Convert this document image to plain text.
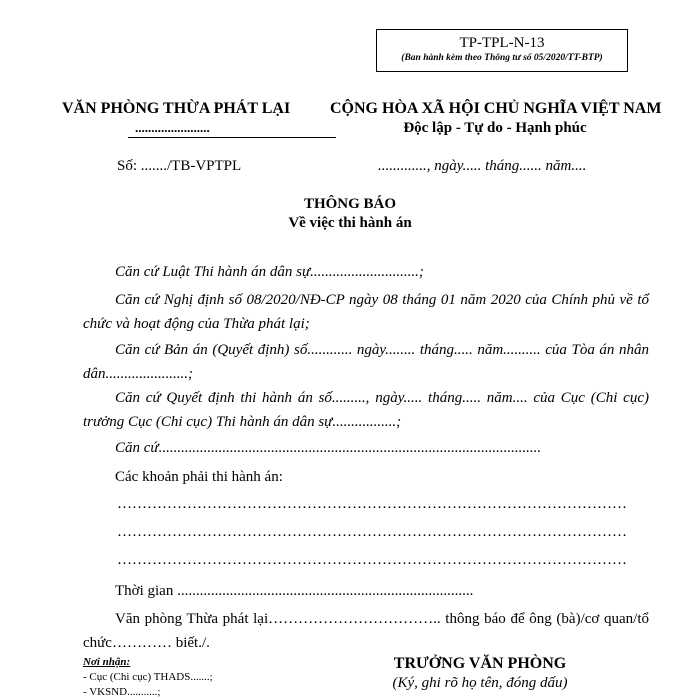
TP-TPL-N-13
(Ban hành kèm theo Thông tư số 05/2020/TT-BTP)
VĂN PHÒNG THỪA PHÁT LẠI
.......................
CỘNG HÒA XÃ HỘI CHỦ NGHĨA VIỆT NAM
Độc lập - Tự do - Hạnh phúc
Số: ......./TB-VPTPL	............., ngày..... tháng...... năm....
THÔNG BÁO
Về việc thi hành án
Căn cứ Luật Thi hành án dân sự.............................;
Căn cứ Nghị định số 08/2020/NĐ-CP ngày 08 tháng 01 năm 2020 của Chính phủ về tổ chức và hoạt động của Thừa phát lại;
Căn cứ Bản án (Quyết định) số............ ngày........ tháng..... năm.......... của Tòa án nhân dân......................;
Căn cứ Quyết định thi hành án số........., ngày..... tháng..... năm.... của Cục (Chi cục) trưởng Cục (Chi cục) Thi hành án dân sự.................;
Căn cứ......................................................................................................
Các khoản phải thi hành án:
…………………………………………………………………………………………
…………………………………………………………………………………………
…………………………………………………………………………………………
Thời gian ...............................................................................
Văn phòng Thừa phát lại…………………………….. thông báo để ông (bà)/cơ quan/tổ chức………… biết./.
Nơi nhận:
- Cục (Chi cục) THADS.......;
- VKSND...........;
TRƯỞNG VĂN PHÒNG
(Ký, ghi rõ họ tên, đóng dấu)
